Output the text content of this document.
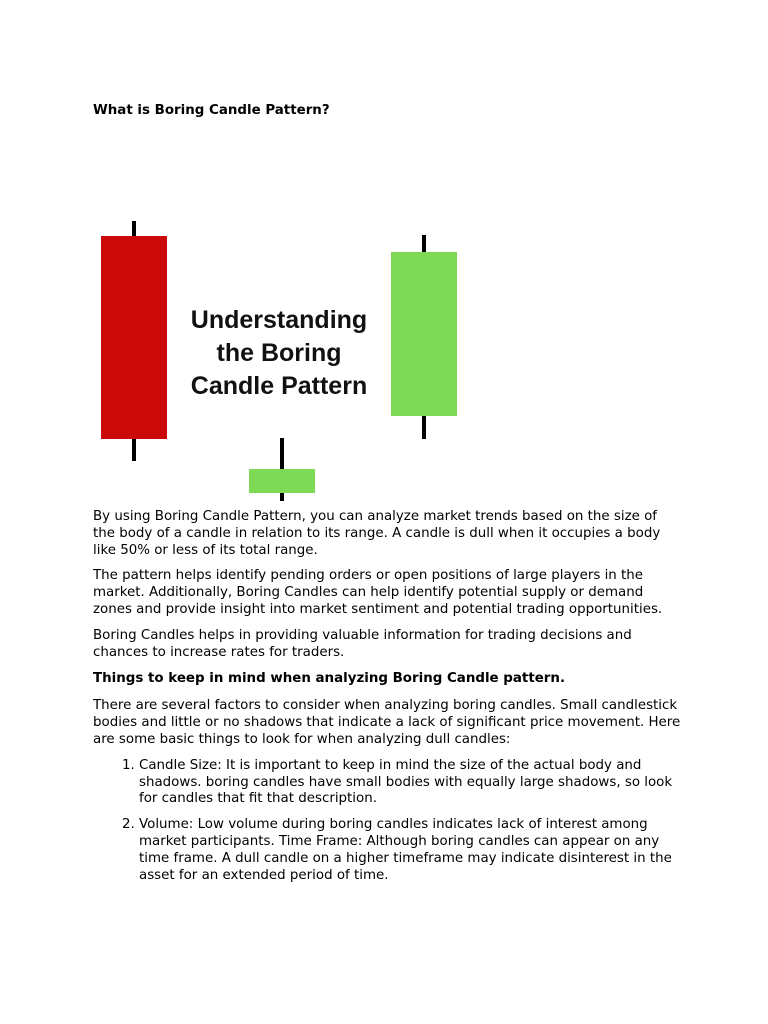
What is Boring Candle Pattern?
Understanding
the Boring
Candle Pattern

By using Boring Candle Pattern, you can analyze market trends based on the size of the body of a candle in relation to its range. A candle is dull when it occupies a body like 50% or less of its total range.

The pattern helps identify pending orders or open positions of large players in the market. Additionally, Boring Candles can help identify potential supply or demand zones and provide insight into market sentiment and potential trading opportunities.

Boring Candles helps in providing valuable information for trading decisions and chances to increase rates for traders.

Things to keep in mind when analyzing Boring Candle pattern.

There are several factors to consider when analyzing boring candles. Small candlestick bodies and little or no shadows that indicate a lack of significant price movement. Here are some basic things to look for when analyzing dull candles:

1. Candle Size: It is important to keep in mind the size of the actual body and shadows. boring candles have small bodies with equally large shadows, so look for candles that fit that description.
2. Volume: Low volume during boring candles indicates lack of interest among market participants. Time Frame: Although boring candles can appear on any time frame. A dull candle on a higher timeframe may indicate disinterest in the asset for an extended period of time.
